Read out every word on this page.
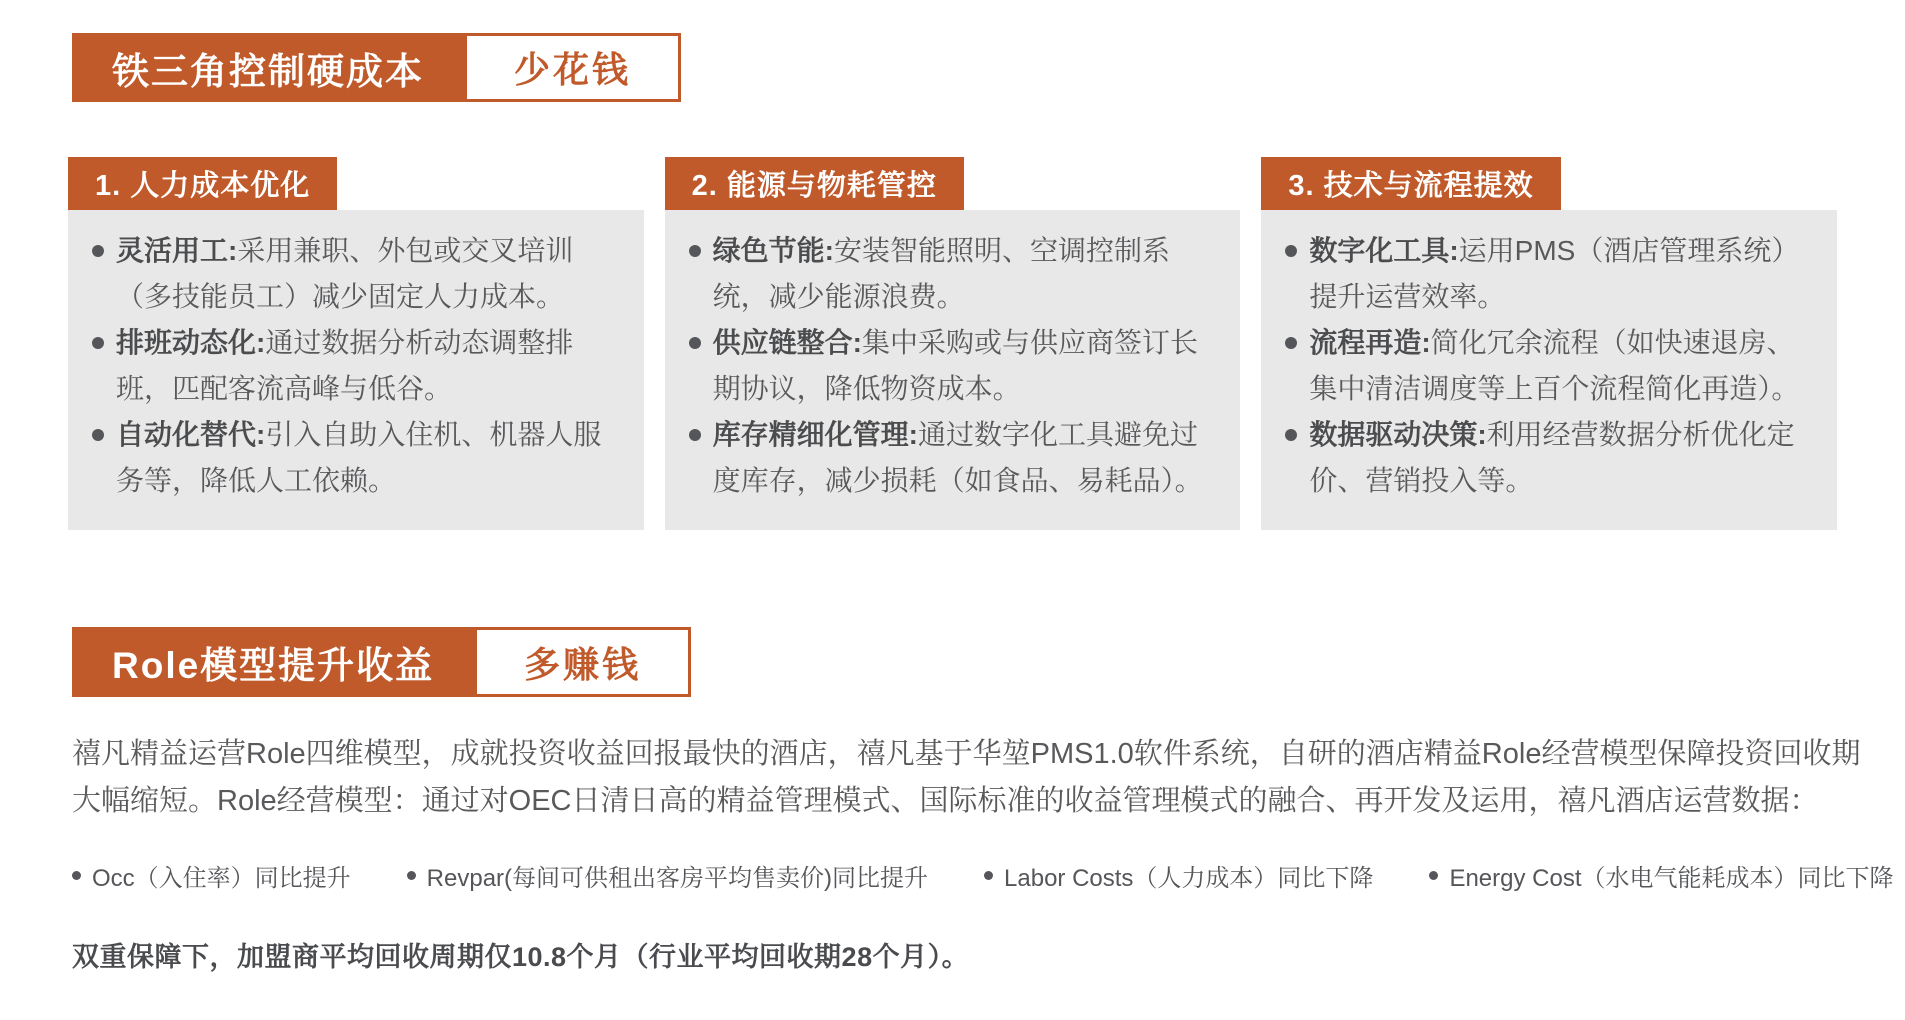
铁三角控制硬成本	少花钱
1. 人力成本优化

灵活用工:采用兼职、外包或交叉培训（多技能员工）减少固定人力成本。

排班动态化:通过数据分析动态调整排班，匹配客流高峰与低谷。

自动化替代:引入自助入住机、机器人服务等，降低人工依赖。

2. 能源与物耗管控

绿色节能:安装智能照明、空调控制系统，减少能源浪费。

供应链整合:集中采购或与供应商签订长期协议，降低物资成本。

库存精细化管理:通过数字化工具避免过度库存，减少损耗（如食品、易耗品）。

3. 技术与流程提效

数字化工具:运用PMS（酒店管理系统）提升运营效率。

流程再造:简化冗余流程（如快速退房、集中清洁调度等上百个流程简化再造）。

数据驱动决策:利用经营数据分析优化定价、营销投入等。

Role模型提升收益	多赚钱

禧凡精益运营Role四维模型，成就投资收益回报最快的酒店，禧凡基于华堃PMS1.0软件系统，自研的酒店精益Role经营模型保障投资回收期大幅缩短。Role经营模型：通过对OEC日清日高的精益管理模式、国际标准的收益管理模式的融合、再开发及运用，禧凡酒店运营数据：

Occ（入住率）同比提升	Revpar(每间可供租出客房平均售卖价)同比提升	Labor Costs（人力成本）同比下降	Energy Cost（水电气能耗成本）同比下降

双重保障下，加盟商平均回收周期仅10.8个月（行业平均回收期28个月）。
